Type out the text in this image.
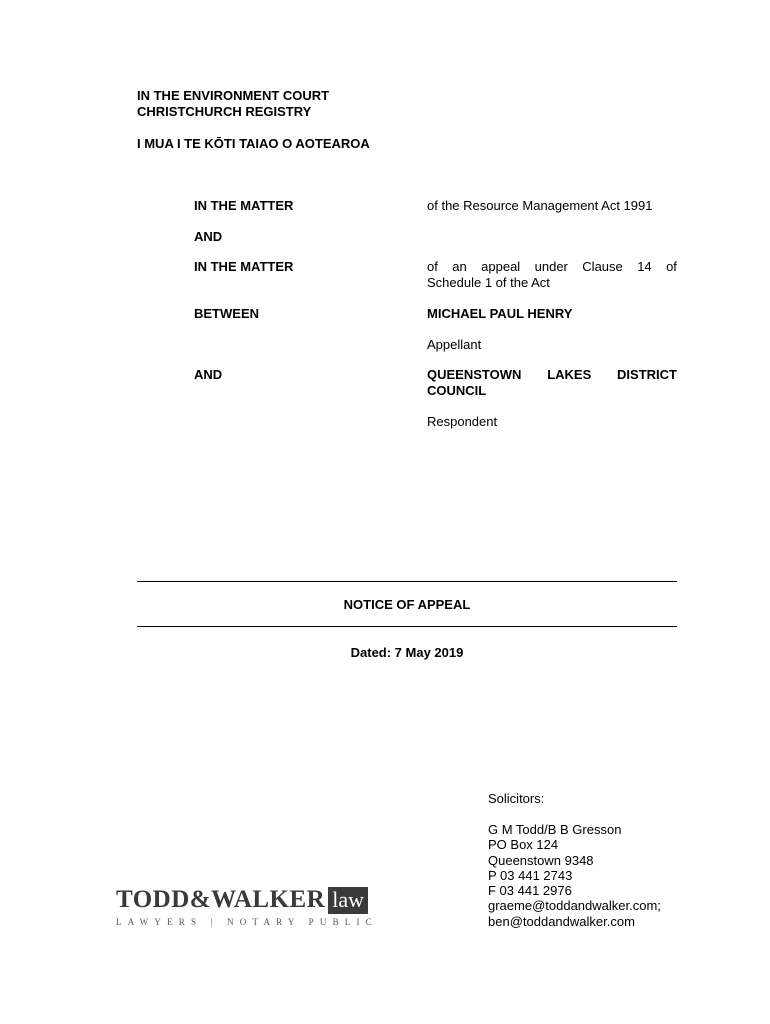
IN THE ENVIRONMENT COURT
CHRISTCHURCH REGISTRY
I MUA I TE KŌTI TAIAO O AOTEAROA
IN THE MATTER	of the Resource Management Act 1991
AND
IN THE MATTER	of an appeal under Clause 14 of
Schedule 1 of the Act
BETWEEN	MICHAEL PAUL HENRY
Appellant
AND	QUEENSTOWN LAKES DISTRICT
COUNCIL
Respondent
NOTICE OF APPEAL
Dated: 7 May 2019
Solicitors:
G M Todd/B B Gresson
PO Box 124
Queenstown 9348
P 03 441 2743
F 03 441 2976
graeme@toddandwalker.com;
ben@toddandwalker.com
TODD&WALKER law
LAWYERS | NOTARY PUBLIC
